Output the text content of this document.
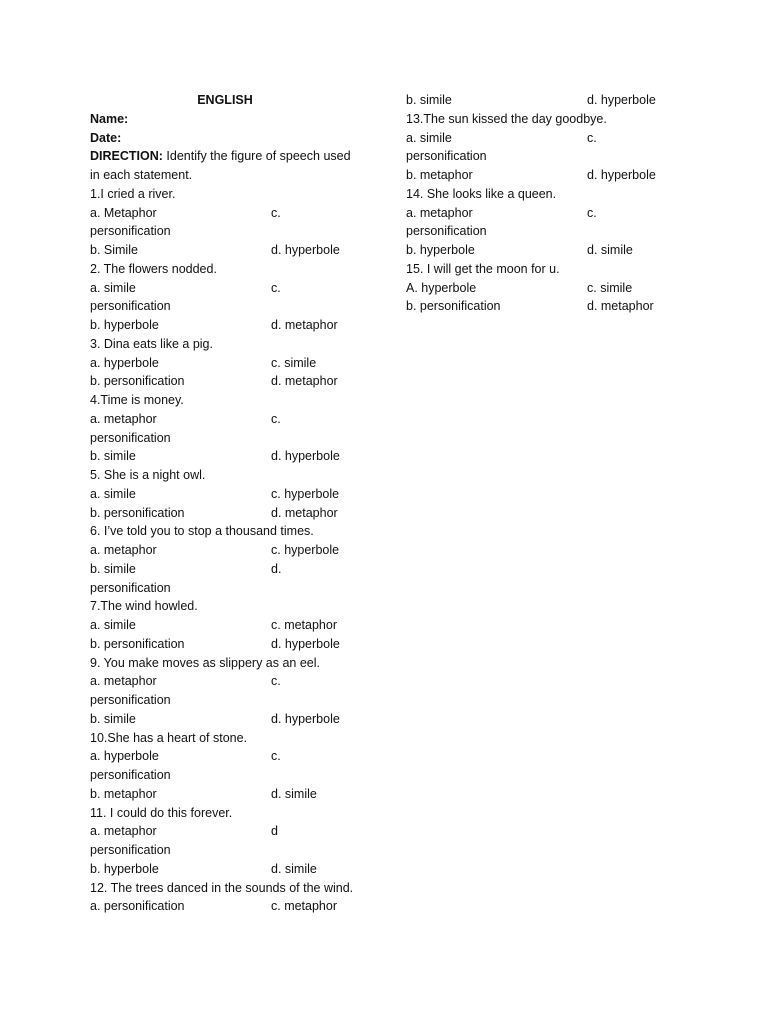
ENGLISH
Name:
Date:
DIRECTION: Identify the figure of speech used
in each statement.
1.I cried a river.
a. Metaphor	c.
personification
b. Simile	d. hyperbole
2. The flowers nodded.
a. simile	c.
personification
b. hyperbole	d. metaphor
3. Dina eats like a pig.
a. hyperbole	c. simile
b. personification	d. metaphor
4.Time is money.
a. metaphor	c.
personification
b. simile	d. hyperbole
5. She is a night owl.
a. simile	c. hyperbole
b. personification	d. metaphor
6. I’ve told you to stop a thousand times.
a. metaphor	c. hyperbole
b. simile	d.
personification
7.The wind howled.
a. simile	c. metaphor
b. personification	d. hyperbole
9. You make moves as slippery as an eel.
a. metaphor	c.
personification
b. simile	d. hyperbole
10.She has a heart of stone.
a. hyperbole	c.
personification
b. metaphor	d. simile
11. I could do this forever.
a. metaphor	d
personification
b. hyperbole	d. simile
12. The trees danced in the sounds of the wind.
a. personification	c. metaphor
b. simile	d. hyperbole
13.The sun kissed the day goodbye.
a. simile	c.
personification
b. metaphor	d. hyperbole
14. She looks like a queen.
a. metaphor	c.
personification
b. hyperbole	d. simile
15. I will get the moon for u.
A. hyperbole	c. simile
b. personification	d. metaphor
